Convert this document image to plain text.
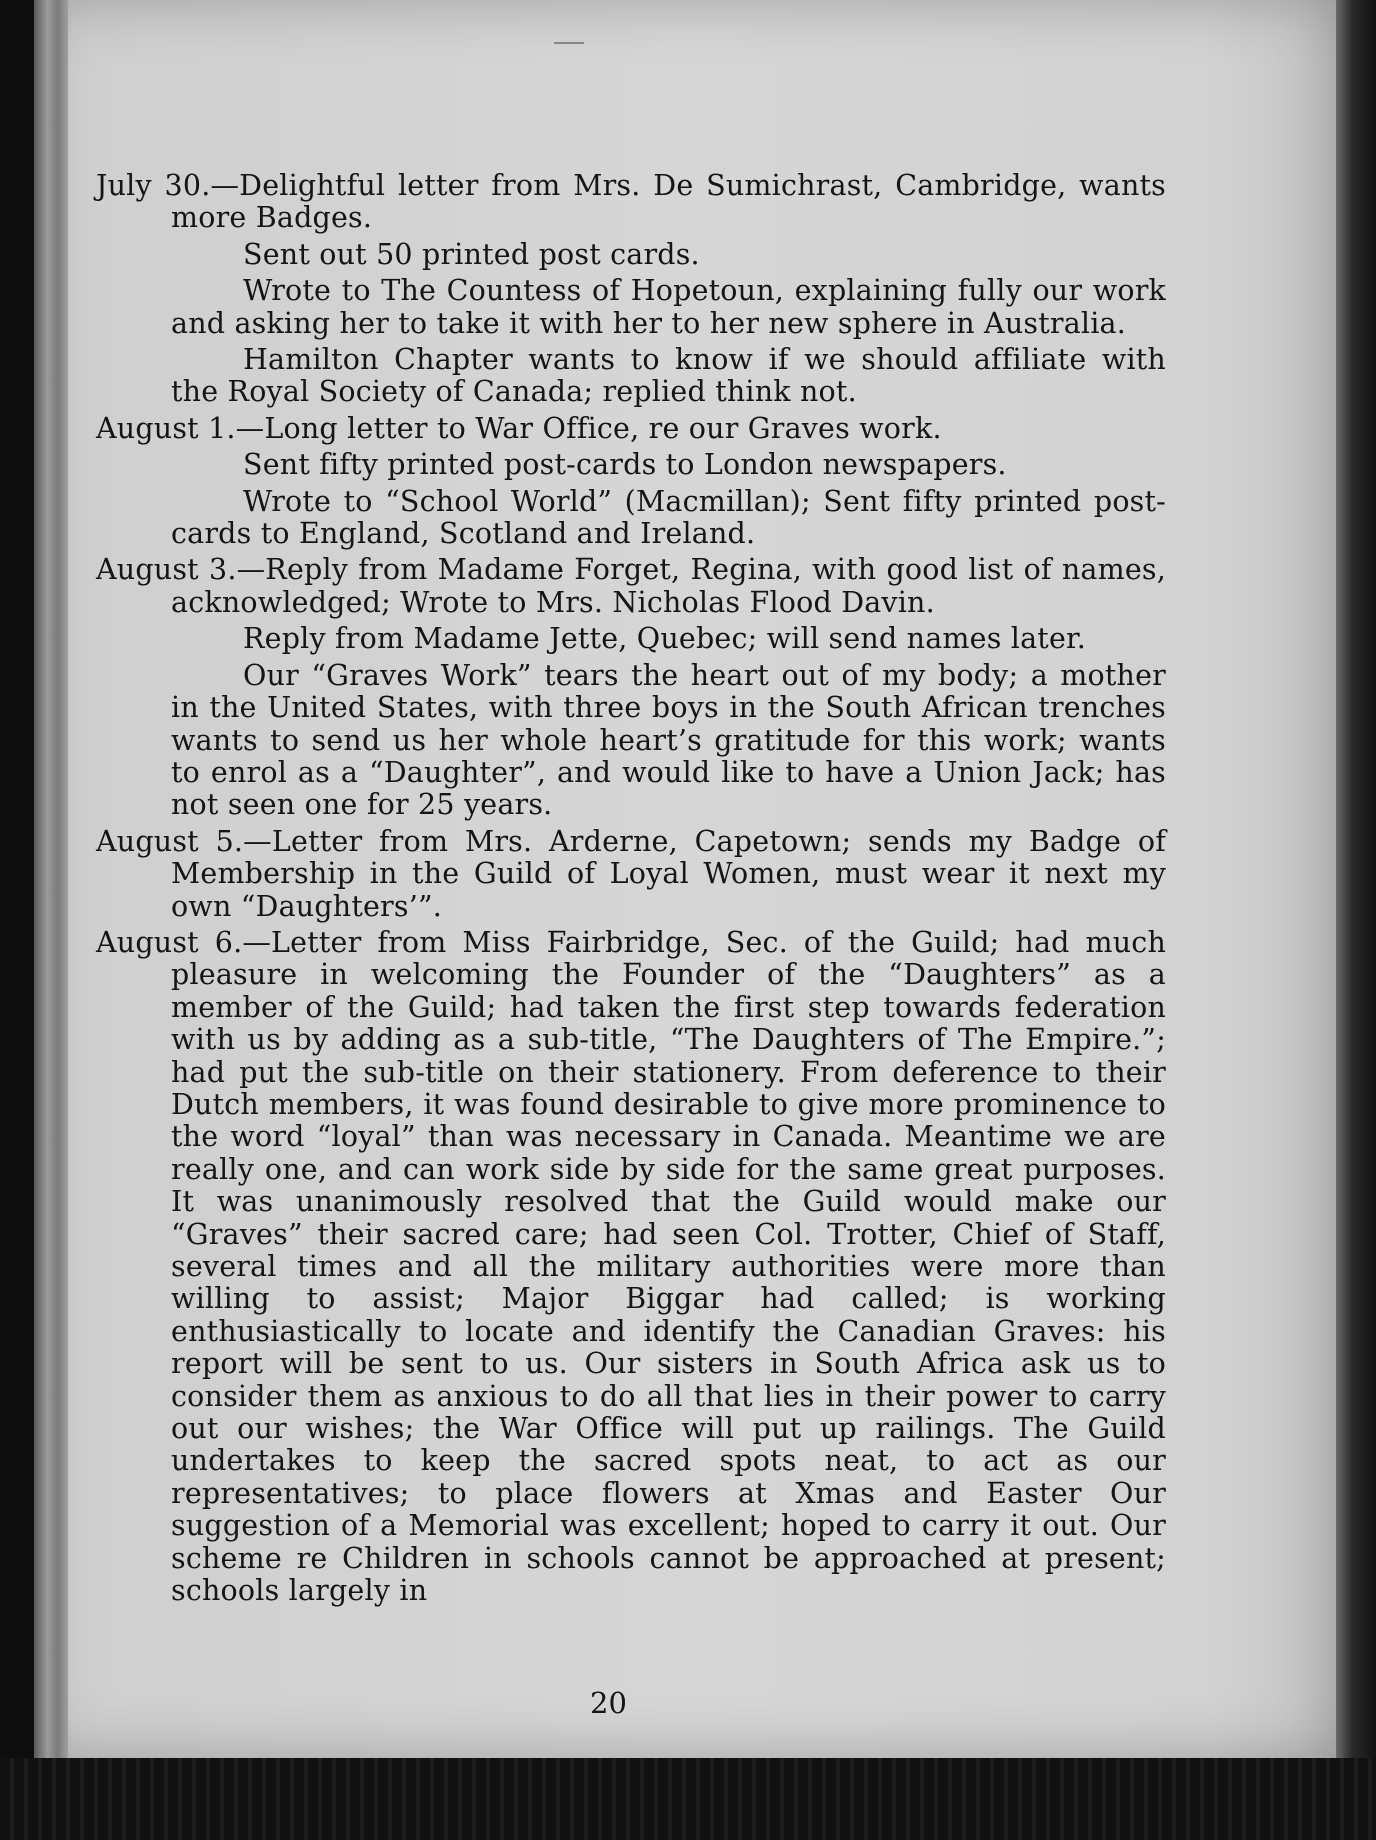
July 30.—Delightful letter from Mrs. De Sumichrast, Cambridge, wants more Badges.

Sent out 50 printed post cards.

Wrote to The Countess of Hopetoun, explaining fully our work and asking her to take it with her to her new sphere in Australia.

Hamilton Chapter wants to know if we should affiliate with the Royal Society of Canada; replied think not.

August 1.—Long letter to War Office, re our Graves work.

Sent fifty printed post-cards to London newspapers.

Wrote to “School World” (Macmillan); Sent fifty printed post-cards to England, Scotland and Ireland.

August 3.—Reply from Madame Forget, Regina, with good list of names, acknowledged; Wrote to Mrs. Nicholas Flood Davin.

Reply from Madame Jette, Quebec; will send names later.

Our “Graves Work” tears the heart out of my body; a mother in the United States, with three boys in the South African trenches wants to send us her whole heart’s gratitude for this work; wants to enrol as a “Daughter”, and would like to have a Union Jack; has not seen one for 25 years.

August 5.—Letter from Mrs. Arderne, Capetown; sends my Badge of Membership in the Guild of Loyal Women, must wear it next my own “Daughters’”.

August 6.—Letter from Miss Fairbridge, Sec. of the Guild; had much pleasure in welcoming the Founder of the “Daughters” as a member of the Guild; had taken the first step towards federation with us by adding as a sub-title, “The Daughters of The Empire.”; had put the sub-title on their stationery. From deference to their Dutch members, it was found desirable to give more prominence to the word “loyal” than was necessary in Canada. Meantime we are really one, and can work side by side for the same great purposes. It was unanimously resolved that the Guild would make our “Graves” their sacred care; had seen Col. Trotter, Chief of Staff, several times and all the military authorities were more than willing to assist; Major Biggar had called; is working enthusiastically to locate and identify the Canadian Graves: his report will be sent to us. Our sisters in South Africa ask us to consider them as anxious to do all that lies in their power to carry out our wishes; the War Office will put up railings. The Guild undertakes to keep the sacred spots neat, to act as our representatives; to place flowers at Xmas and Easter Our suggestion of a Memorial was excellent; hoped to carry it out. Our scheme re Children in schools cannot be approached at present; schools largely in

20
